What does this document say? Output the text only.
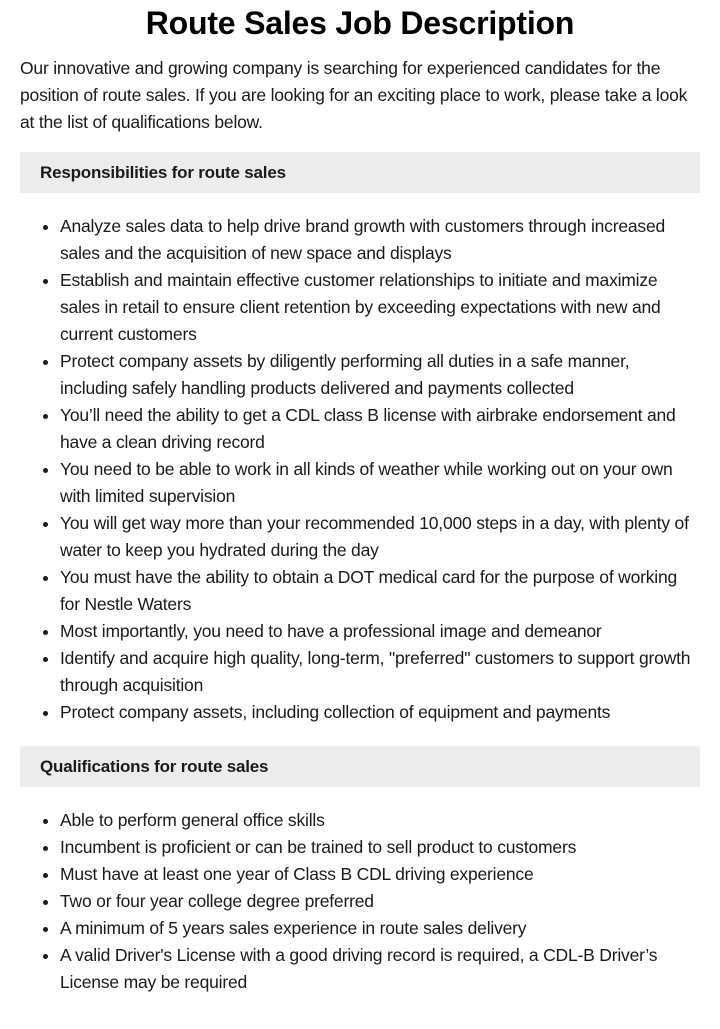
Route Sales Job Description

Our innovative and growing company is searching for experienced candidates for the position of route sales. If you are looking for an exciting place to work, please take a look at the list of qualifications below.

Responsibilities for route sales
• Analyze sales data to help drive brand growth with customers through increased sales and the acquisition of new space and displays
• Establish and maintain effective customer relationships to initiate and maximize sales in retail to ensure client retention by exceeding expectations with new and current customers
• Protect company assets by diligently performing all duties in a safe manner, including safely handling products delivered and payments collected
• You’ll need the ability to get a CDL class B license with airbrake endorsement and have a clean driving record
• You need to be able to work in all kinds of weather while working out on your own with limited supervision
• You will get way more than your recommended 10,000 steps in a day, with plenty of water to keep you hydrated during the day
• You must have the ability to obtain a DOT medical card for the purpose of working for Nestle Waters
• Most importantly, you need to have a professional image and demeanor
• Identify and acquire high quality, long-term, "preferred" customers to support growth through acquisition
• Protect company assets, including collection of equipment and payments
Qualifications for route sales
• Able to perform general office skills
• Incumbent is proficient or can be trained to sell product to customers
• Must have at least one year of Class B CDL driving experience
• Two or four year college degree preferred
• A minimum of 5 years sales experience in route sales delivery
• A valid Driver's License with a good driving record is required, a CDL-B Driver’s License may be required
